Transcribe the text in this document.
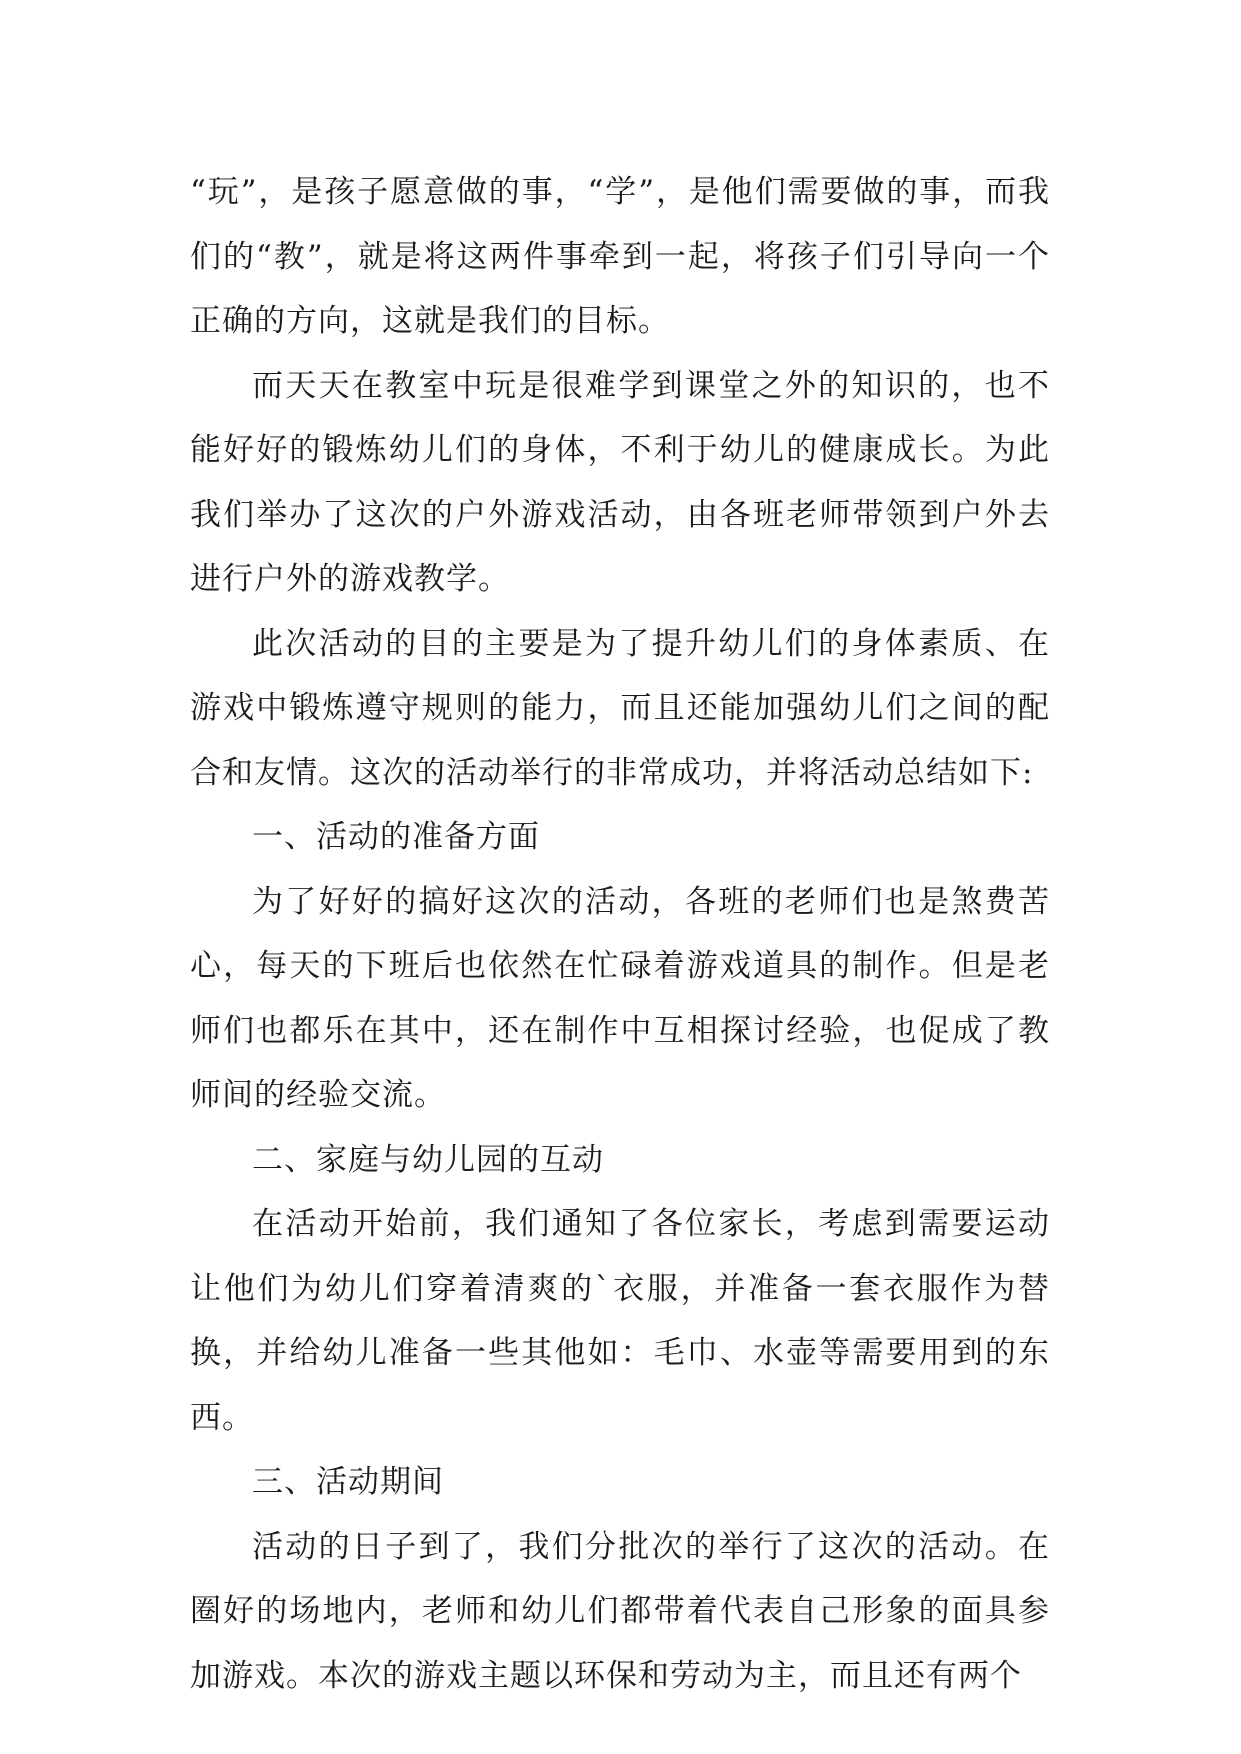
“玩”，是孩子愿意做的事，“学”，是他们需要做的事，而我们的“教”，就是将这两件事牵到一起，将孩子们引导向一个正确的方向，这就是我们的目标。

而天天在教室中玩是很难学到课堂之外的知识的，也不能好好的锻炼幼儿们的身体，不利于幼儿的健康成长。为此我们举办了这次的户外游戏活动，由各班老师带领到户外去进行户外的游戏教学。

此次活动的目的主要是为了提升幼儿们的身体素质、在游戏中锻炼遵守规则的能力，而且还能加强幼儿们之间的配合和友情。这次的活动举行的非常成功，并将活动总结如下:

一、活动的准备方面

为了好好的搞好这次的活动，各班的老师们也是煞费苦心，每天的下班后也依然在忙碌着游戏道具的制作。但是老师们也都乐在其中，还在制作中互相探讨经验，也促成了教师间的经验交流。

二、家庭与幼儿园的互动

在活动开始前，我们通知了各位家长，考虑到需要运动让他们为幼儿们穿着清爽的`衣服，并准备一套衣服作为替换，并给幼儿准备一些其他如：毛巾、水壶等需要用到的东西。

三、活动期间

活动的日子到了，我们分批次的举行了这次的活动。在圈好的场地内，老师和幼儿们都带着代表自己形象的面具参加游戏。本次的游戏主题以环保和劳动为主，而且还有两个
